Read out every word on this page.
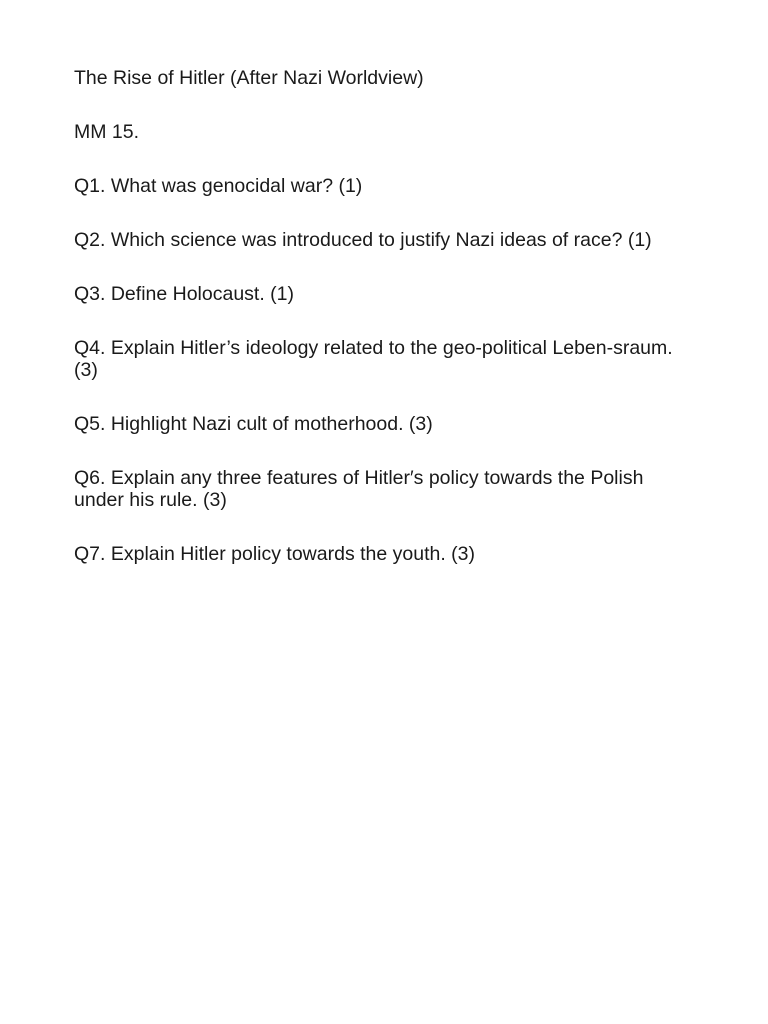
The Rise of Hitler (After Nazi Worldview)

MM 15.

Q1. What was genocidal war? (1)

Q2. Which science was introduced to justify Nazi ideas of race? (1)

Q3. Define Holocaust. (1)

Q4. Explain Hitler’s ideology related to the geo-political Leben-sraum. (3)

Q5. Highlight Nazi cult of motherhood. (3)

Q6. Explain any three features of Hitler′s policy towards the Polish under his rule. (3)

Q7. Explain Hitler policy towards the youth. (3)
